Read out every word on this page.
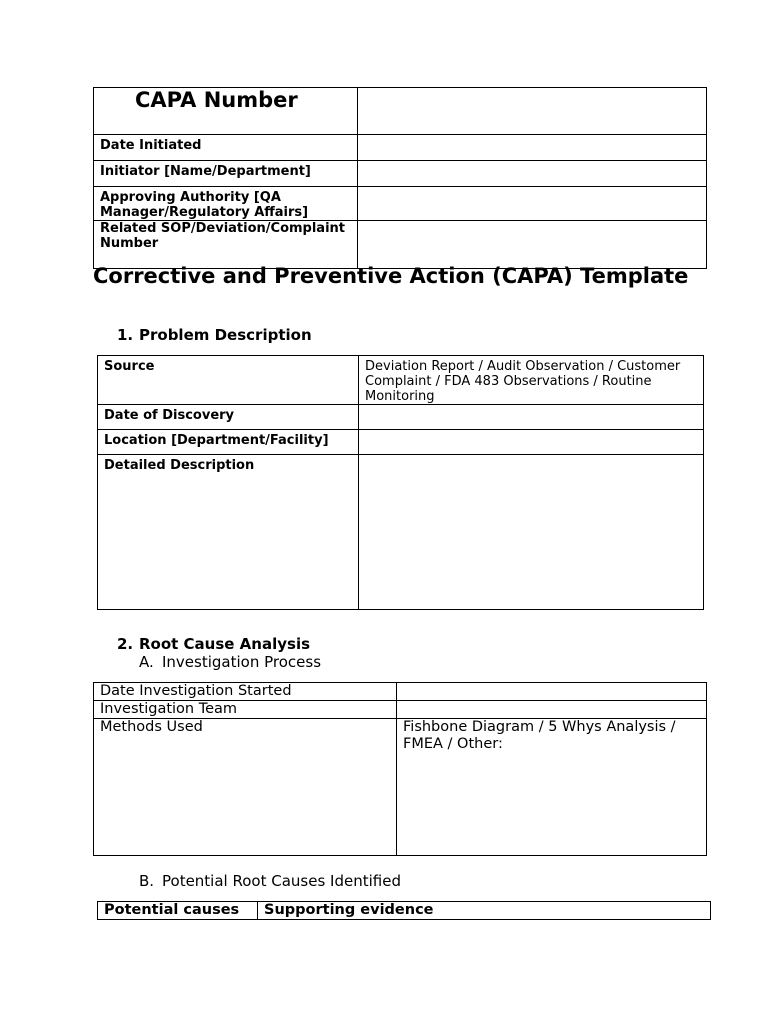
CAPA Number	
Date Initiated	
Initiator [Name/Department]	
Approving Authority [QA Manager/Regulatory Affairs]	
Related SOP/Deviation/Complaint Number	
Corrective and Preventive Action (CAPA) Template
1. Problem Description
Source	Deviation Report / Audit Observation / Customer Complaint / FDA 483 Observations / Routine Monitoring
Date of Discovery	
Location [Department/Facility]	
Detailed Description	
2. Root Cause Analysis
A. Investigation Process
Date Investigation Started	
Investigation Team	
Methods Used	Fishbone Diagram / 5 Whys Analysis / FMEA / Other:
B. Potential Root Causes Identified
Potential causes	Supporting evidence
